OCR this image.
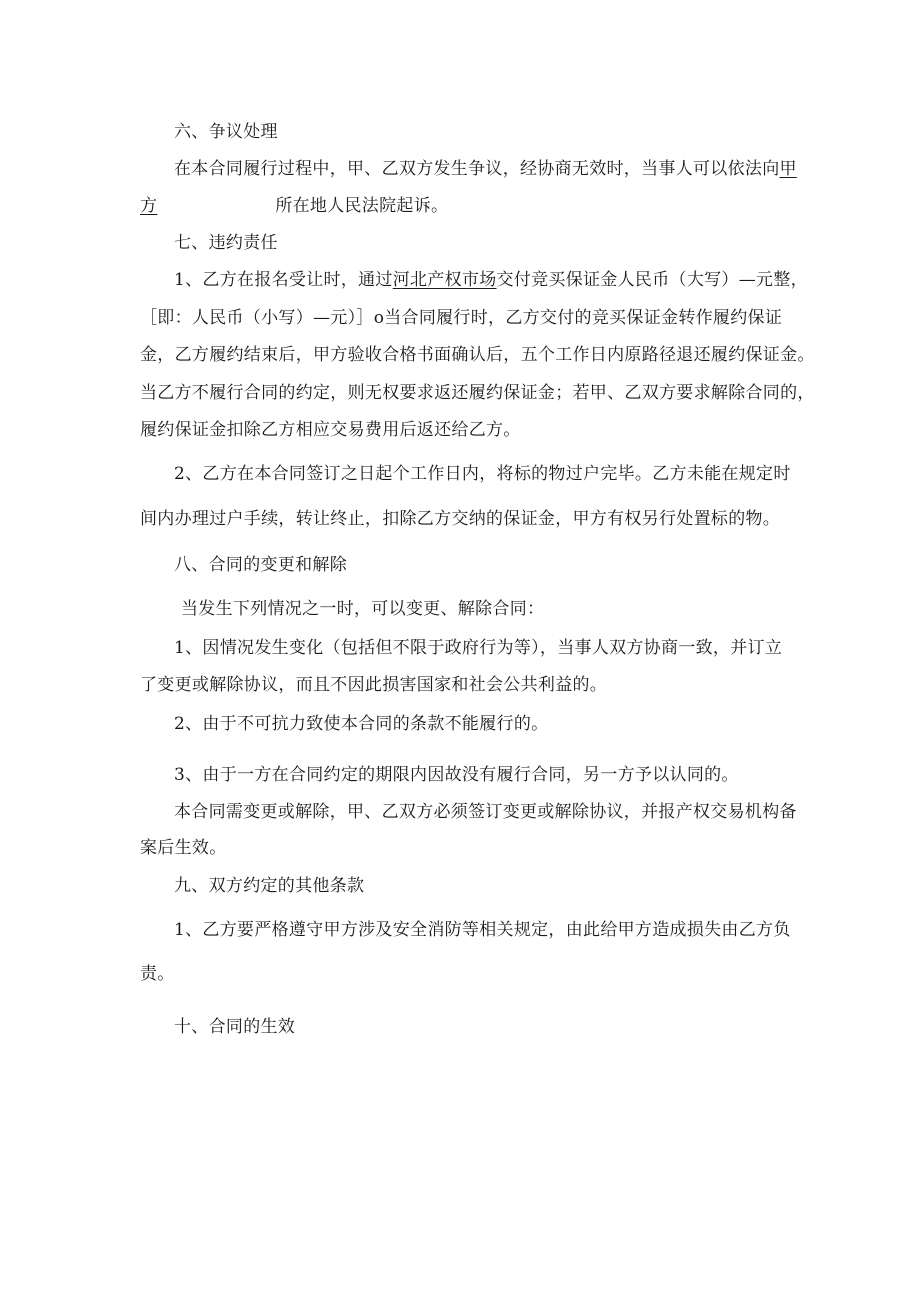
六、争议处理
在本合同履行过程中，甲、乙双方发生争议，经协商无效时，当事人可以依法向甲
方	所在地人民法院起诉。
七、违约责任
1、乙方在报名受让时，通过河北产权市场交付竞买保证金人民币（大写）—元整，
［即：人民币（小写）—元）］o当合同履行时，乙方交付的竞买保证金转作履约保证
金，乙方履约结束后，甲方验收合格书面确认后，五个工作日内原路径退还履约保证金。
当乙方不履行合同的约定，则无权要求返还履约保证金；若甲、乙双方要求解除合同的，
履约保证金扣除乙方相应交易费用后返还给乙方。
2、乙方在本合同签订之日起个工作日内，将标的物过户完毕。乙方未能在规定时
间内办理过户手续，转让终止，扣除乙方交纳的保证金，甲方有权另行处置标的物。
八、合同的变更和解除
当发生下列情况之一时，可以变更、解除合同：
1、因情况发生变化（包括但不限于政府行为等），当事人双方协商一致，并订立
了变更或解除协议，而且不因此损害国家和社会公共利益的。
2、由于不可抗力致使本合同的条款不能履行的。
3、由于一方在合同约定的期限内因故没有履行合同，另一方予以认同的。
本合同需变更或解除，甲、乙双方必须签订变更或解除协议，并报产权交易机构备
案后生效。
九、双方约定的其他条款
1、乙方要严格遵守甲方涉及安全消防等相关规定，由此给甲方造成损失由乙方负
责。
十、合同的生效
